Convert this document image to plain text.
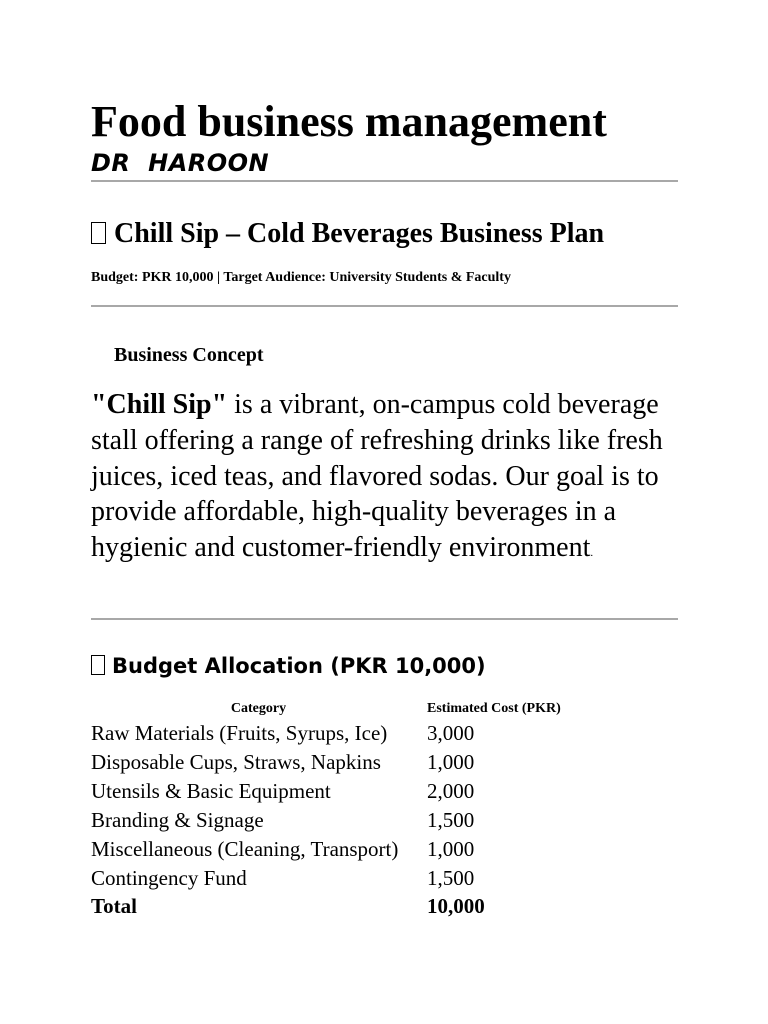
Food business management
DR  HAROON
Chill Sip – Cold Beverages Business Plan
Budget: PKR 10,000 | Target Audience: University Students & Faculty
Business Concept

"Chill Sip" is a vibrant, on-campus cold beverage stall offering a range of refreshing drinks like fresh juices, iced teas, and flavored sodas. Our goal is to provide affordable, high-quality beverages in a hygienic and customer-friendly environment.

Budget Allocation (PKR 10,000)
Category	Estimated Cost (PKR)
Raw Materials (Fruits, Syrups, Ice)	3,000
Disposable Cups, Straws, Napkins	1,000
Utensils & Basic Equipment	2,000
Branding & Signage	1,500
Miscellaneous (Cleaning, Transport)	1,000
Contingency Fund	1,500
Total	10,000
